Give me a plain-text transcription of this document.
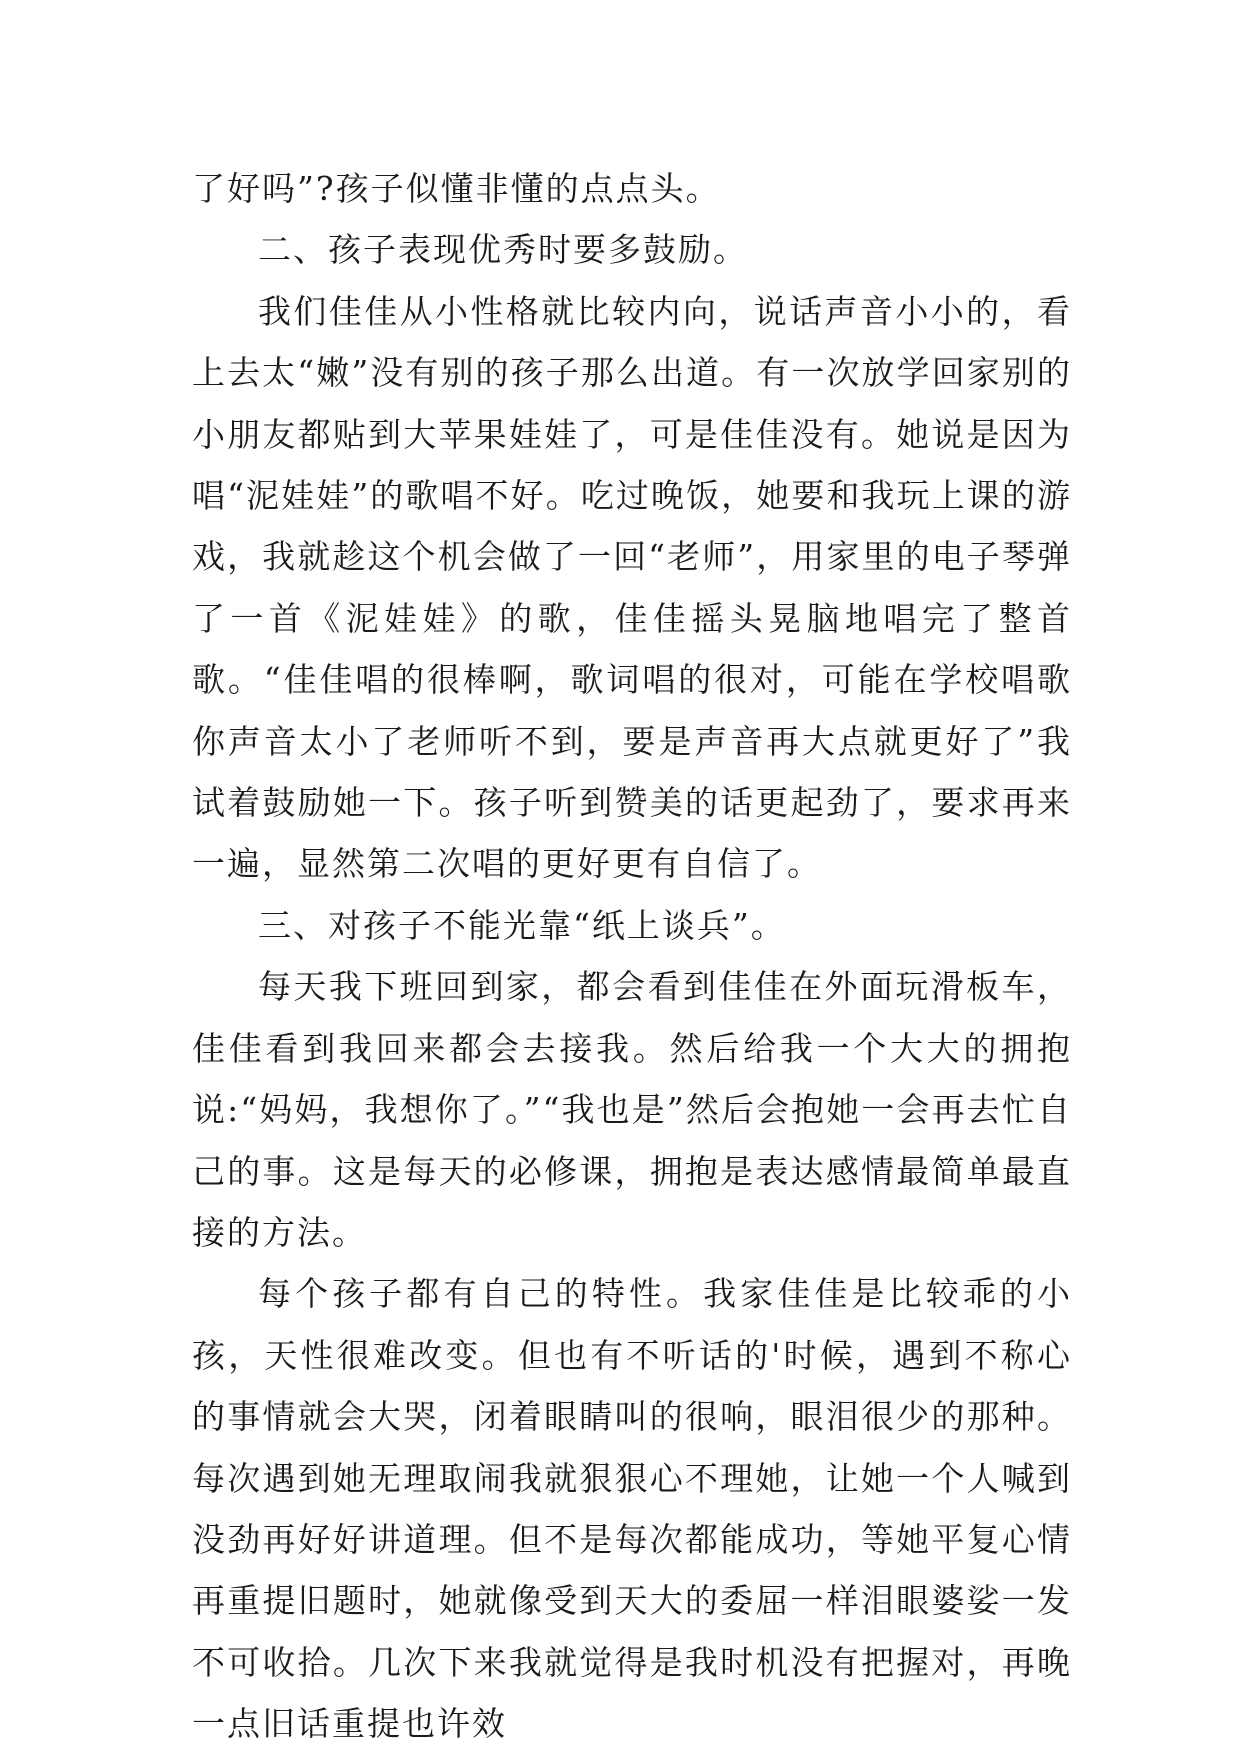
了好吗”?孩子似懂非懂的点点头。

二、孩子表现优秀时要多鼓励。

我们佳佳从小性格就比较内向，说话声音小小的，看上去太“嫩”没有别的孩子那么出道。有一次放学回家别的小朋友都贴到大苹果娃娃了，可是佳佳没有。她说是因为唱“泥娃娃”的歌唱不好。吃过晚饭，她要和我玩上课的游戏，我就趁这个机会做了一回“老师”，用家里的电子琴弹了一首《泥娃娃》的歌，佳佳摇头晃脑地唱完了整首歌。“佳佳唱的很棒啊，歌词唱的很对，可能在学校唱歌你声音太小了老师听不到，要是声音再大点就更好了”我试着鼓励她一下。孩子听到赞美的话更起劲了，要求再来一遍，显然第二次唱的更好更有自信了。

三、对孩子不能光靠“纸上谈兵”。

每天我下班回到家，都会看到佳佳在外面玩滑板车，佳佳看到我回来都会去接我。然后给我一个大大的拥抱说:“妈妈，我想你了。”“我也是”然后会抱她一会再去忙自己的事。这是每天的必修课，拥抱是表达感情最简单最直接的方法。

每个孩子都有自己的特性。我家佳佳是比较乖的小孩，天性很难改变。但也有不听话的'时候，遇到不称心的事情就会大哭，闭着眼睛叫的很响，眼泪很少的那种。每次遇到她无理取闹我就狠狠心不理她，让她一个人喊到没劲再好好讲道理。但不是每次都能成功，等她平复心情再重提旧题时，她就像受到天大的委屈一样泪眼婆娑一发不可收拾。几次下来我就觉得是我时机没有把握对，再晚一点旧话重提也许效
